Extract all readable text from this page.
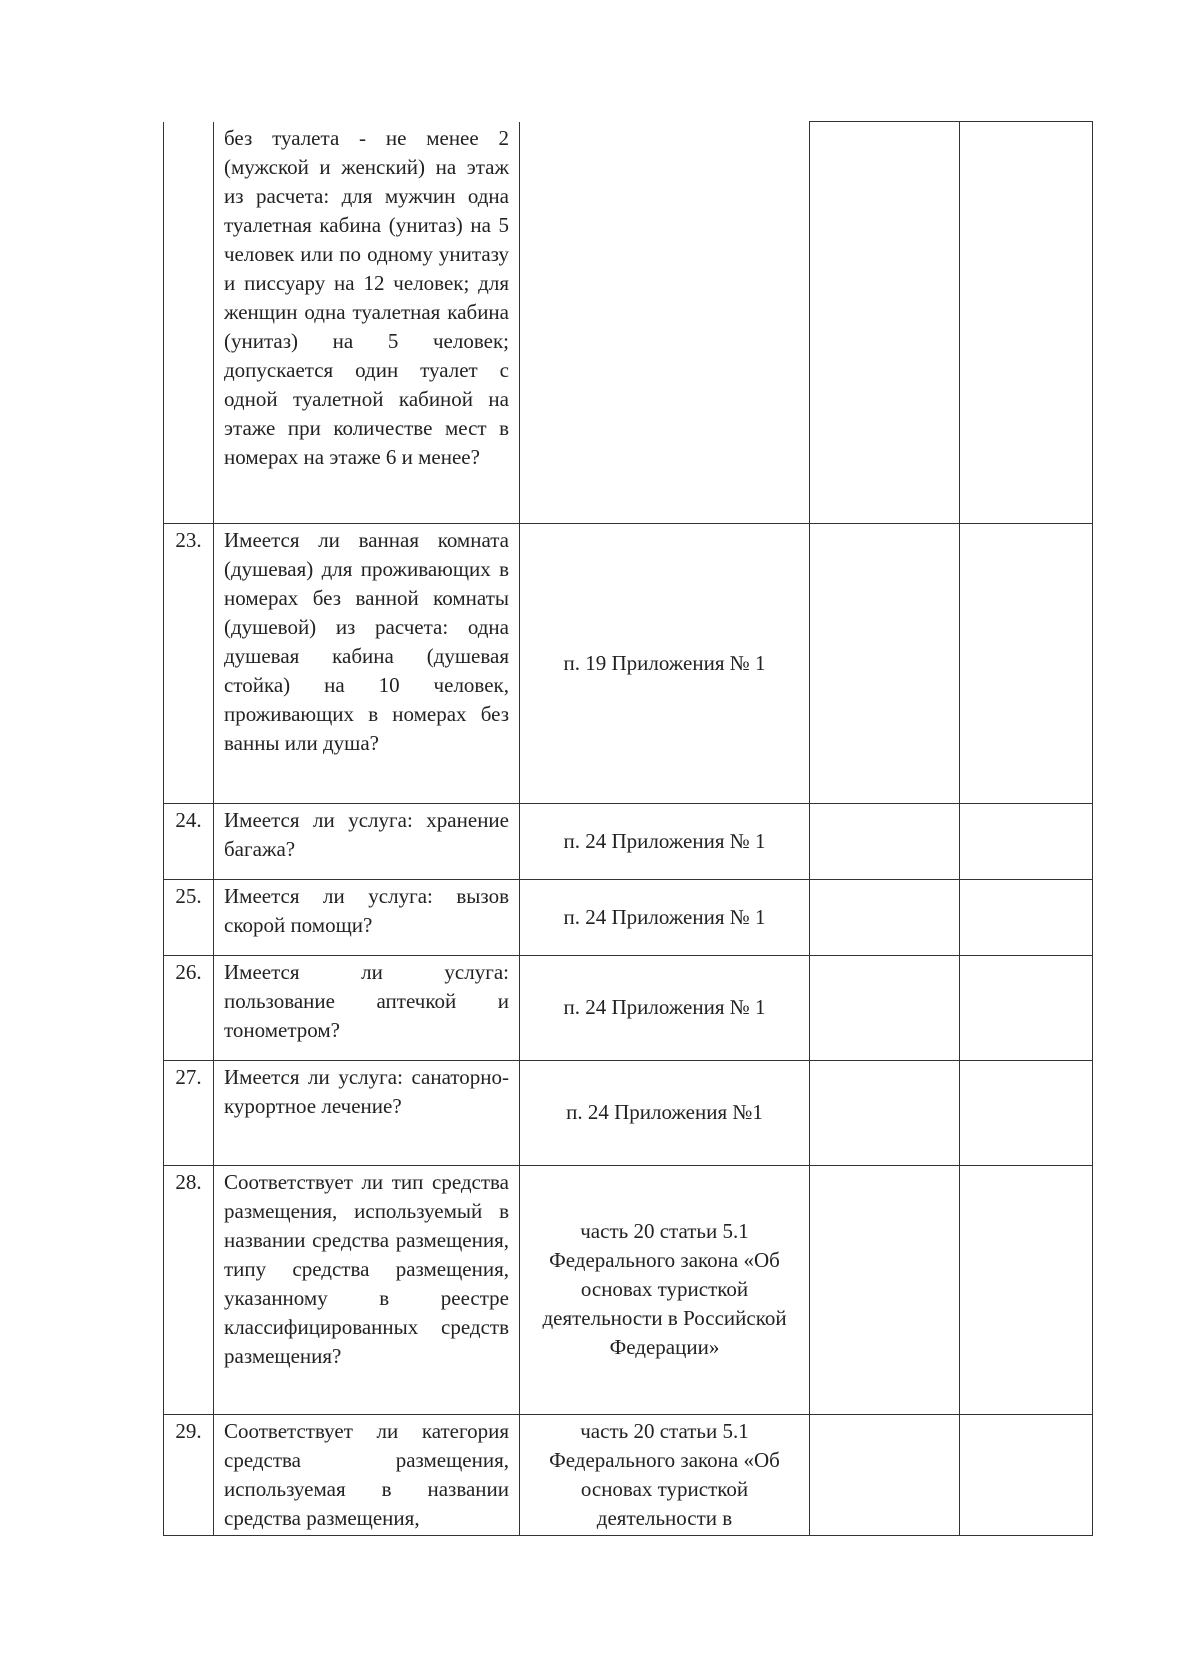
	без туалета - не менее 2 (мужской и женский) на этаж из расчета: для мужчин одна туалетная кабина (унитаз) на 5 человек или по одному унитазу и писсуару на 12 человек; для женщин одна туалетная кабина (унитаз) на 5 человек; допускается один туалет с одной туалетной кабиной на этаже при количестве мест в номерах на этаже 6 и менее?			

23.	Имеется ли ванная комната (душевая) для проживающих в номерах без ванной комнаты (душевой) из расчета: одна душевая кабина (душевая стойка) на 10 человек, проживающих в номерах без ванны или душа?	п. 19 Приложения № 1		
24.	Имеется ли услуга: хранение багажа?	п. 24 Приложения № 1		
25.	Имеется ли услуга: вызов скорой помощи?	п. 24 Приложения № 1		
26.	Имеется ли услуга: пользование аптечкой и тонометром?	п. 24 Приложения № 1		
27.	Имеется ли услуга: санаторно-курортное лечение?	п. 24 Приложения №1		
28.	Соответствует ли тип средства размещения, используемый в названии средства размещения, типу средства размещения, указанному в реестре классифицированных средств размещения?	часть 20 статьи 5.1 Федерального закона «Об основах туристкой деятельности в Российской Федерации»		
29.	Соответствует ли категория средства размещения, используемая в названии средства размещения,	часть 20 статьи 5.1 Федерального закона «Об основах туристкой деятельности в		
